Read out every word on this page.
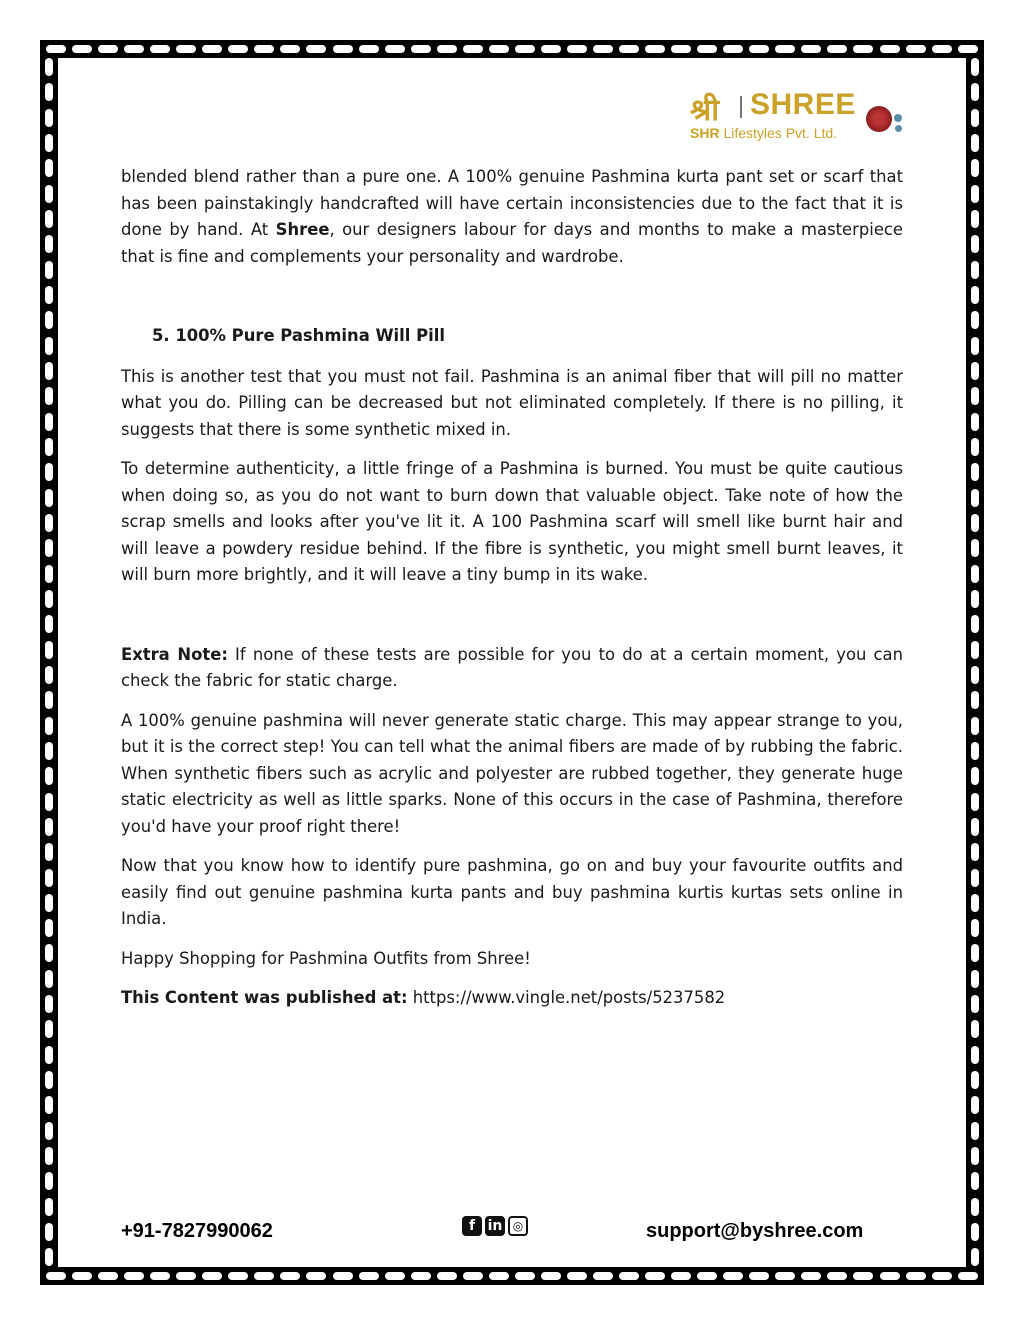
श्री SHREE
SHR Lifestyles Pvt. Ltd.

blended blend rather than a pure one. A 100% genuine Pashmina kurta pant set or scarf that has been painstakingly handcrafted will have certain inconsistencies due to the fact that it is done by hand. At Shree, our designers labour for days and months to make a masterpiece that is fine and complements your personality and wardrobe.

5. 100% Pure Pashmina Will Pill

This is another test that you must not fail. Pashmina is an animal fiber that will pill no matter what you do. Pilling can be decreased but not eliminated completely. If there is no pilling, it suggests that there is some synthetic mixed in.

To determine authenticity, a little fringe of a Pashmina is burned. You must be quite cautious when doing so, as you do not want to burn down that valuable object. Take note of how the scrap smells and looks after you've lit it. A 100 Pashmina scarf will smell like burnt hair and will leave a powdery residue behind. If the fibre is synthetic, you might smell burnt leaves, it will burn more brightly, and it will leave a tiny bump in its wake.

Extra Note: If none of these tests are possible for you to do at a certain moment, you can check the fabric for static charge.

A 100% genuine pashmina will never generate static charge. This may appear strange to you, but it is the correct step! You can tell what the animal fibers are made of by rubbing the fabric. When synthetic fibers such as acrylic and polyester are rubbed together, they generate huge static electricity as well as little sparks. None of this occurs in the case of Pashmina, therefore you'd have your proof right there!

Now that you know how to identify pure pashmina, go on and buy your favourite outfits and easily find out genuine pashmina kurta pants and buy pashmina kurtis kurtas sets online in India.

Happy Shopping for Pashmina Outfits from Shree!

This Content was published at: https://www.vingle.net/posts/5237582

+91-7827990062	f in ◎	support@byshree.com
